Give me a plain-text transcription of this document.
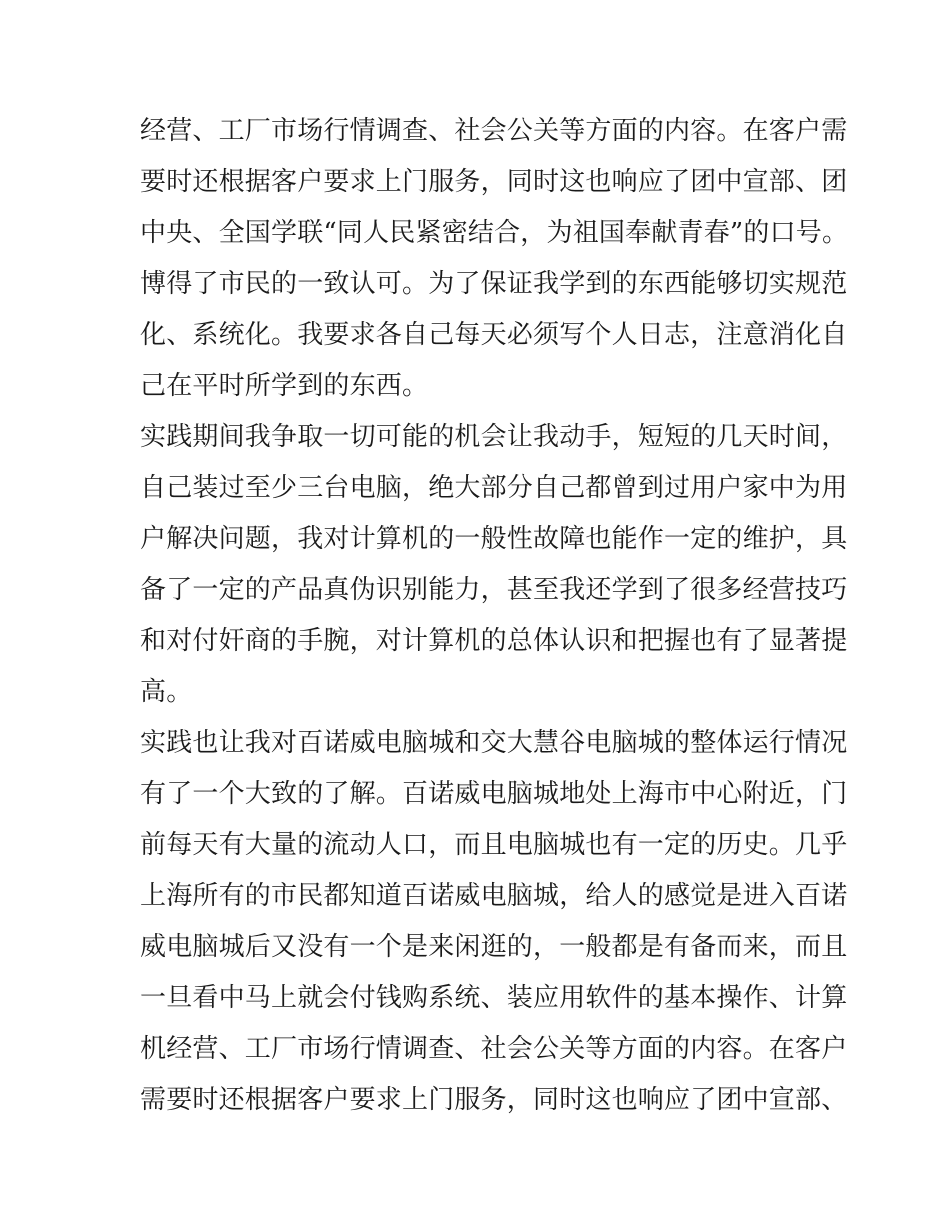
经营、工厂市场行情调查、社会公关等方面的内容。在客户需
要时还根据客户要求上门服务，同时这也响应了团中宣部、团
中央、全国学联“同人民紧密结合，为祖国奉献青春”的口号。
博得了市民的一致认可。为了保证我学到的东西能够切实规范
化、系统化。我要求各自己每天必须写个人日志，注意消化自
己在平时所学到的东西。
实践期间我争取一切可能的机会让我动手，短短的几天时间，
自己装过至少三台电脑，绝大部分自己都曾到过用户家中为用
户解决问题，我对计算机的一般性故障也能作一定的维护，具
备了一定的产品真伪识别能力，甚至我还学到了很多经营技巧
和对付奸商的手腕，对计算机的总体认识和把握也有了显著提
高。
实践也让我对百诺威电脑城和交大慧谷电脑城的整体运行情况
有了一个大致的了解。百诺威电脑城地处上海市中心附近，门
前每天有大量的流动人口，而且电脑城也有一定的历史。几乎
上海所有的市民都知道百诺威电脑城，给人的感觉是进入百诺
威电脑城后又没有一个是来闲逛的，一般都是有备而来，而且
一旦看中马上就会付钱购系统、装应用软件的基本操作、计算
机经营、工厂市场行情调查、社会公关等方面的内容。在客户
需要时还根据客户要求上门服务，同时这也响应了团中宣部、
